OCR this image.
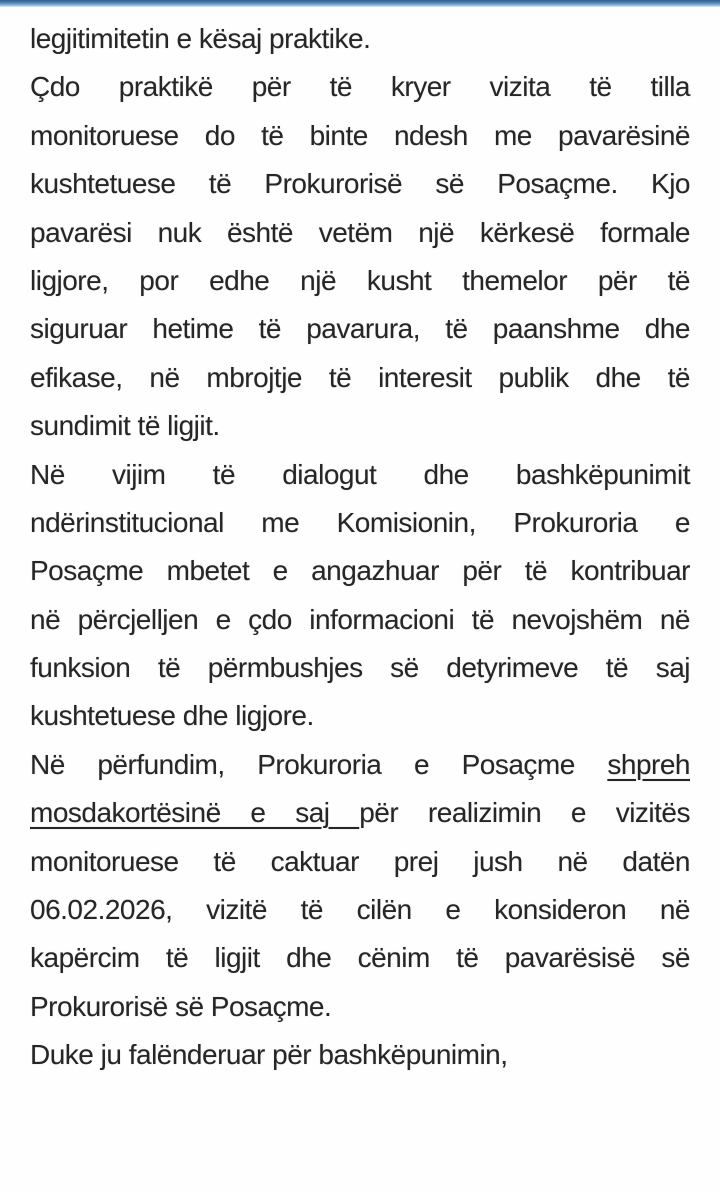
legjitimitetin e kësaj praktike.
Çdo praktikë për të kryer vizita të tilla
monitoruese do të binte ndesh me pavarësinë
kushtetuese të Prokurorisë së Posaçme. Kjo
pavarësi nuk është vetëm një kërkesë formale
ligjore, por edhe një kusht themelor për të
siguruar hetime të pavarura, të paanshme dhe
efikase, në mbrojtje të interesit publik dhe të
sundimit të ligjit.
Në vijim të dialogut dhe bashkëpunimit
ndërinstitucional me Komisionin, Prokuroria e
Posaçme mbetet e angazhuar për të kontribuar
në përcjelljen e çdo informacioni të nevojshëm në
funksion të përmbushjes së detyrimeve të saj
kushtetuese dhe ligjore.
Në përfundim, Prokuroria e Posaçme shpreh
mosdakortësinë e saj për realizimin e vizitës
monitoruese të caktuar prej jush në datën
06.02.2026, vizitë të cilën e konsideron në
kapërcim të ligjit dhe cënim të pavarësisë së
Prokurorisë së Posaçme.
Duke ju falënderuar për bashkëpunimin,
